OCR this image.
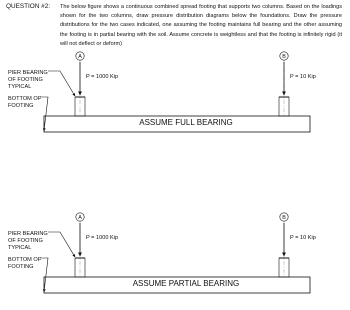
QUESTION #2: The below figure shows a continuous combined spread footing that supports two columns. Based on the loadings shown for the two columns, draw pressure distribution diagrams below the foundations. Draw the pressure distributions for the two cases indicated, one assuming the footing maintains full bearing and the other assuming the footing is in partial bearing with the soil. Assume concrete is weightless and that the footing is infinitely rigid (it will not deflect or deform)
PIER BEARING
OF FOOTING
TYPICAL
BOTTOM OF
FOOTING
A
P = 1000 Kip
B
P = 10 Kip
ASSUME FULL BEARING
PIER BEARING
OF FOOTING
TYPICAL
BOTTOM OF
FOOTING
A
P = 1000 Kip
B
P = 10 Kip
ASSUME PARTIAL BEARING
